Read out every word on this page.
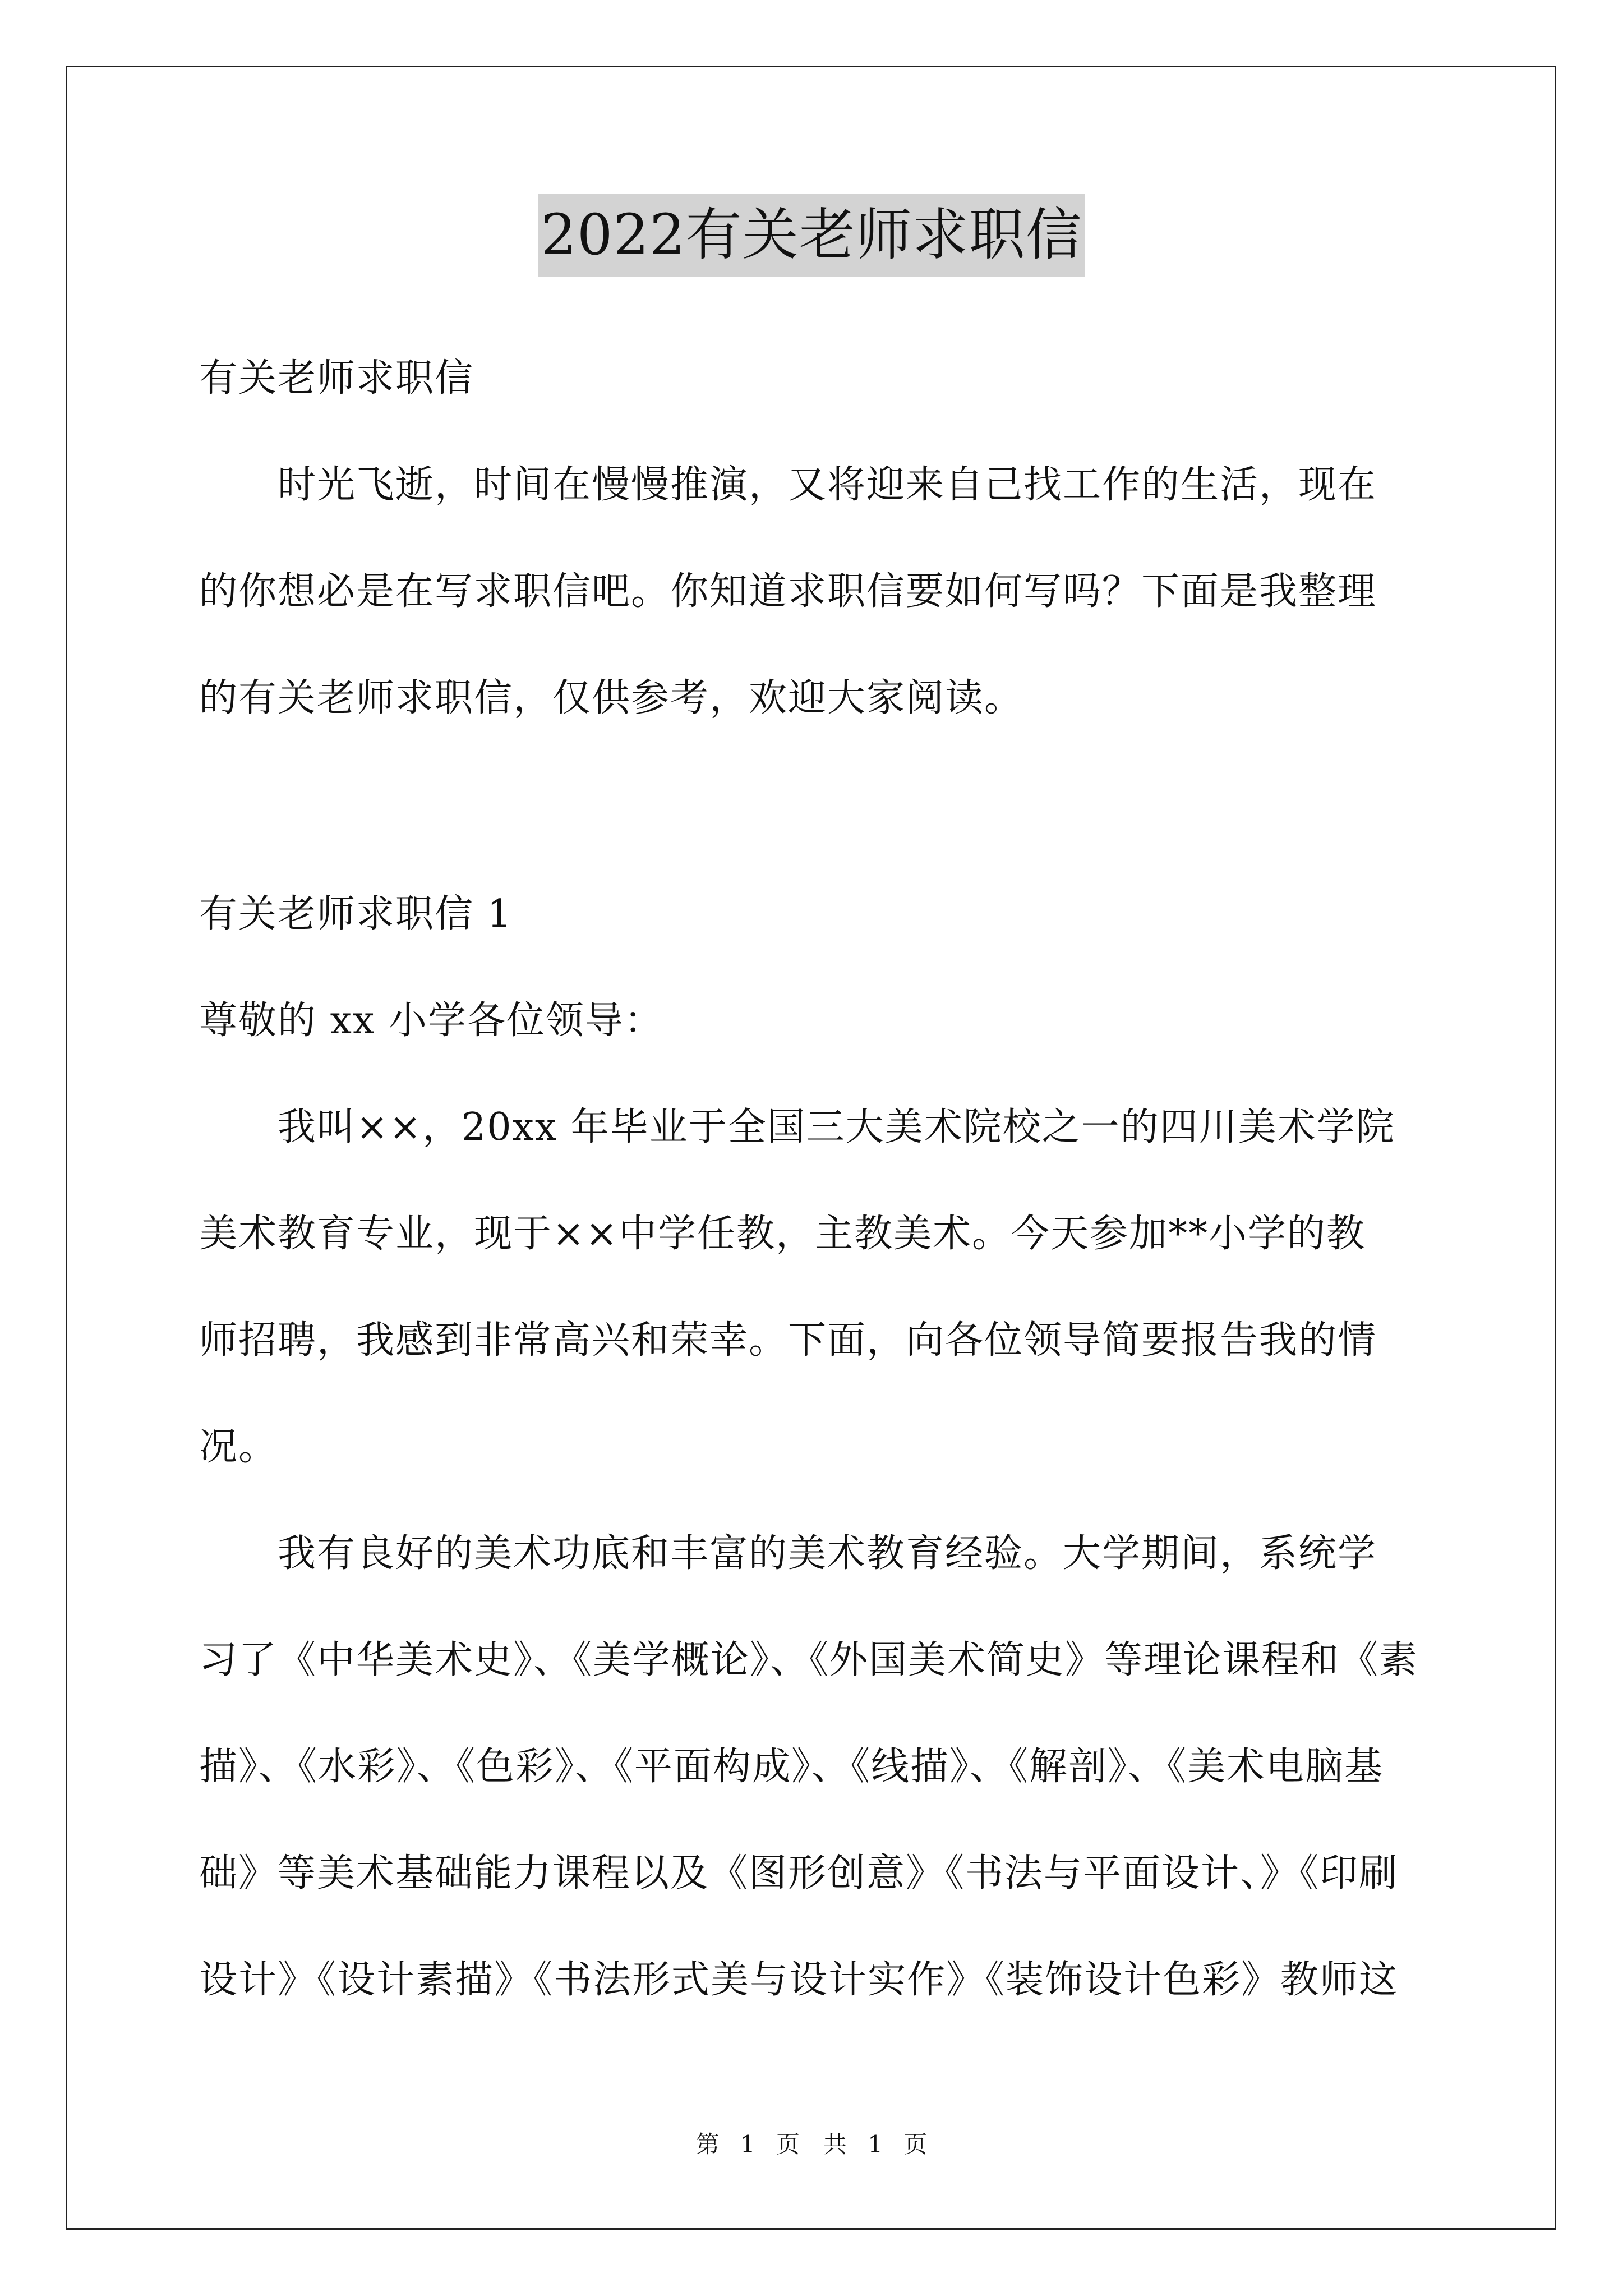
2022有关老师求职信
有关老师求职信
　　时光飞逝，时间在慢慢推演，又将迎来自己找工作的生活，现在
的你想必是在写求职信吧。你知道求职信要如何写吗？下面是我整理
的有关老师求职信，仅供参考，欢迎大家阅读。
有关老师求职信 1
尊敬的 xx 小学各位领导：
　　我叫××，20xx 年毕业于全国三大美术院校之一的四川美术学院
美术教育专业，现于××中学任教，主教美术。今天参加**小学的教
师招聘，我感到非常高兴和荣幸。下面，向各位领导简要报告我的情
况。
　　我有良好的美术功底和丰富的美术教育经验。大学期间，系统学
习了《中华美术史》、《美学概论》、《外国美术简史》等理论课程和《素
描》、《水彩》、《色彩》、《平面构成》、《线描》、《解剖》、《美术电脑基
础》等美术基础能力课程以及《图形创意》《书法与平面设计、》《印刷
设计》《设计素描》《书法形式美与设计实作》《装饰设计色彩》教师这
第 1 页　共 1 页
